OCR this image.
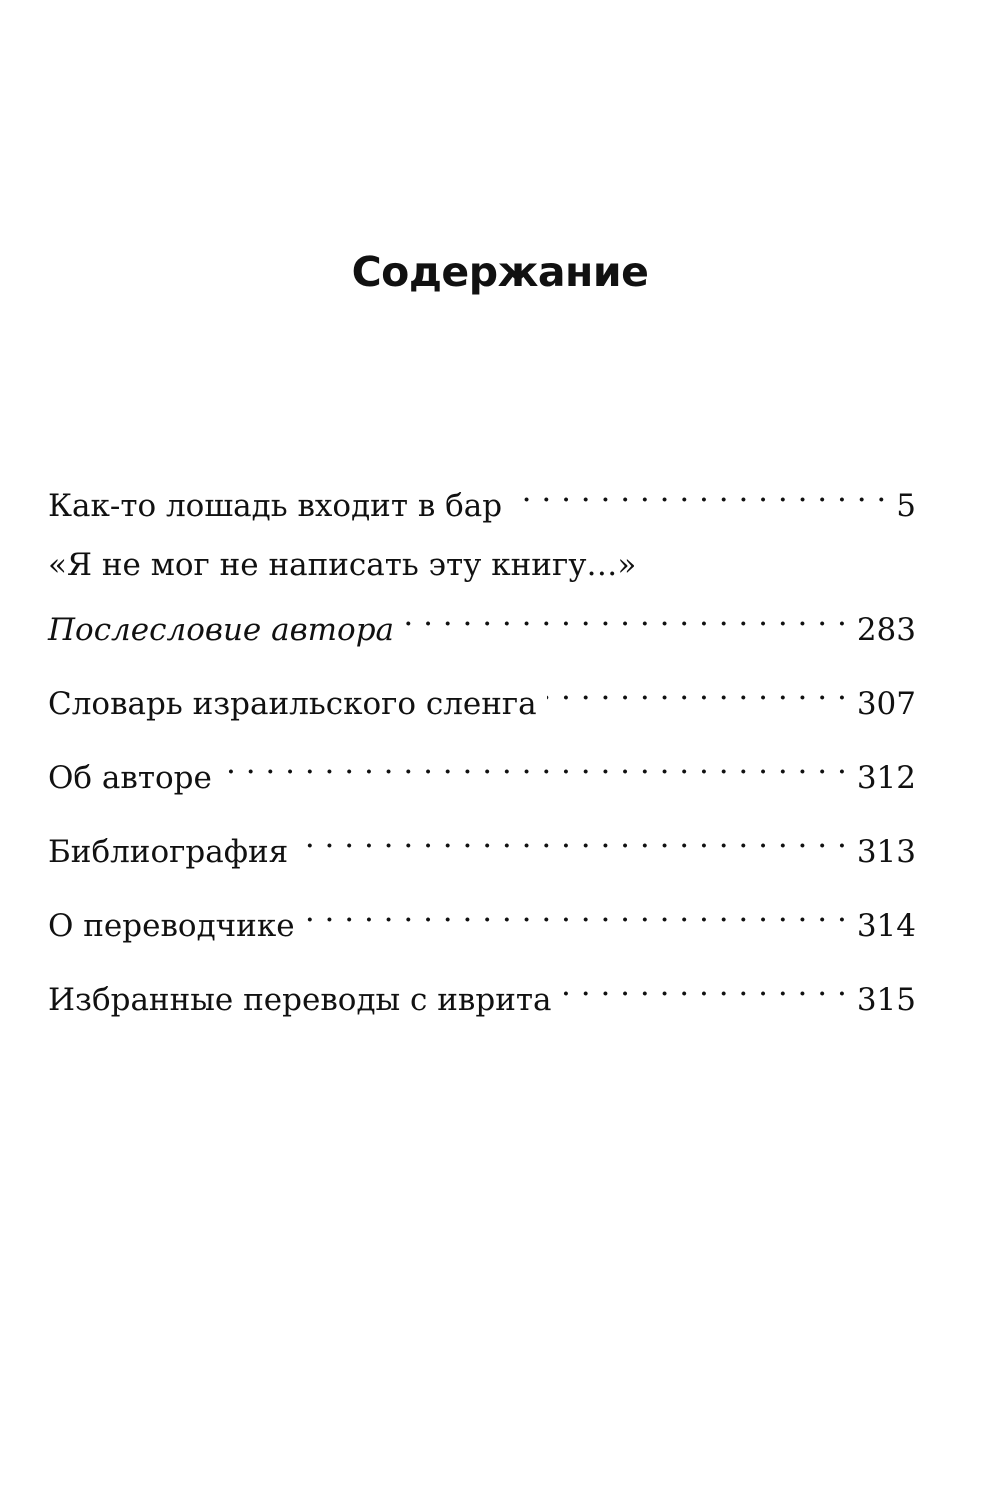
Содержание
Как-то лошадь входит в бар . . .	5
«Я не мог не написать эту книгу…»
Послесловие автора . . .	283
Словарь израильского сленга . . .	307
Об авторе . . .	312
Библиография . . .	313
О переводчике . . .	314
Избранные переводы с иврита . . .	315
